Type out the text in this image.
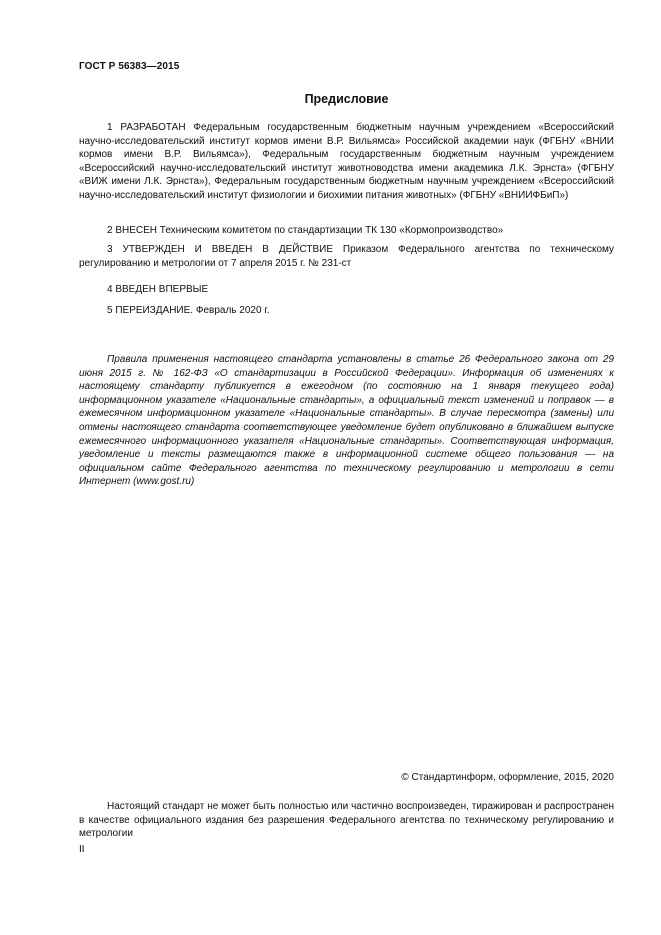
ГОСТ Р 56383—2015
Предисловие

1 РАЗРАБОТАН Федеральным государственным бюджетным научным учреждением «Всероссийский научно-исследовательский институт кормов имени В.Р. Вильямса» Российской академии наук (ФГБНУ «ВНИИ кормов имени В.Р. Вильямса»), Федеральным государственным бюджетным научным учреждением «Всероссийский научно-исследовательский институт животноводства имени академика Л.К. Эрнста» (ФГБНУ «ВИЖ имени Л.К. Эрнста»), Федеральным государственным бюджетным научным учреждением «Всероссийский научно-исследовательский институт физиологии и биохимии питания животных» (ФГБНУ «ВНИИФБиП»)

2 ВНЕСЕН Техническим комитетом по стандартизации ТК 130 «Кормопроизводство»

3 УТВЕРЖДЕН И ВВЕДЕН В ДЕЙСТВИЕ Приказом Федерального агентства по техническому регулированию и метрологии от 7 апреля 2015 г. № 231-ст

4 ВВЕДЕН ВПЕРВЫЕ

5 ПЕРЕИЗДАНИЕ. Февраль 2020 г.

Правила применения настоящего стандарта установлены в статье 26 Федерального закона от 29 июня 2015 г. № 162-ФЗ «О стандартизации в Российской Федерации». Информация об изменениях к настоящему стандарту публикуется в ежегодном (по состоянию на 1 января текущего года) информационном указателе «Национальные стандарты», а официальный текст изменений и поправок — в ежемесячном информационном указателе «Национальные стандарты». В случае пересмотра (замены) или отмены настоящего стандарта соответствующее уведомление будет опубликовано в ближайшем выпуске ежемесячного информационного указателя «Национальные стандарты». Соответствующая информация, уведомление и тексты размещаются также в информационной системе общего пользования — на официальном сайте Федерального агентства по техническому регулированию и метрологии в сети Интернет (www.gost.ru)

© Стандартинформ, оформление, 2015, 2020

Настоящий стандарт не может быть полностью или частично воспроизведен, тиражирован и распространен в качестве официального издания без разрешения Федерального агентства по техническому регулированию и метрологии

II
